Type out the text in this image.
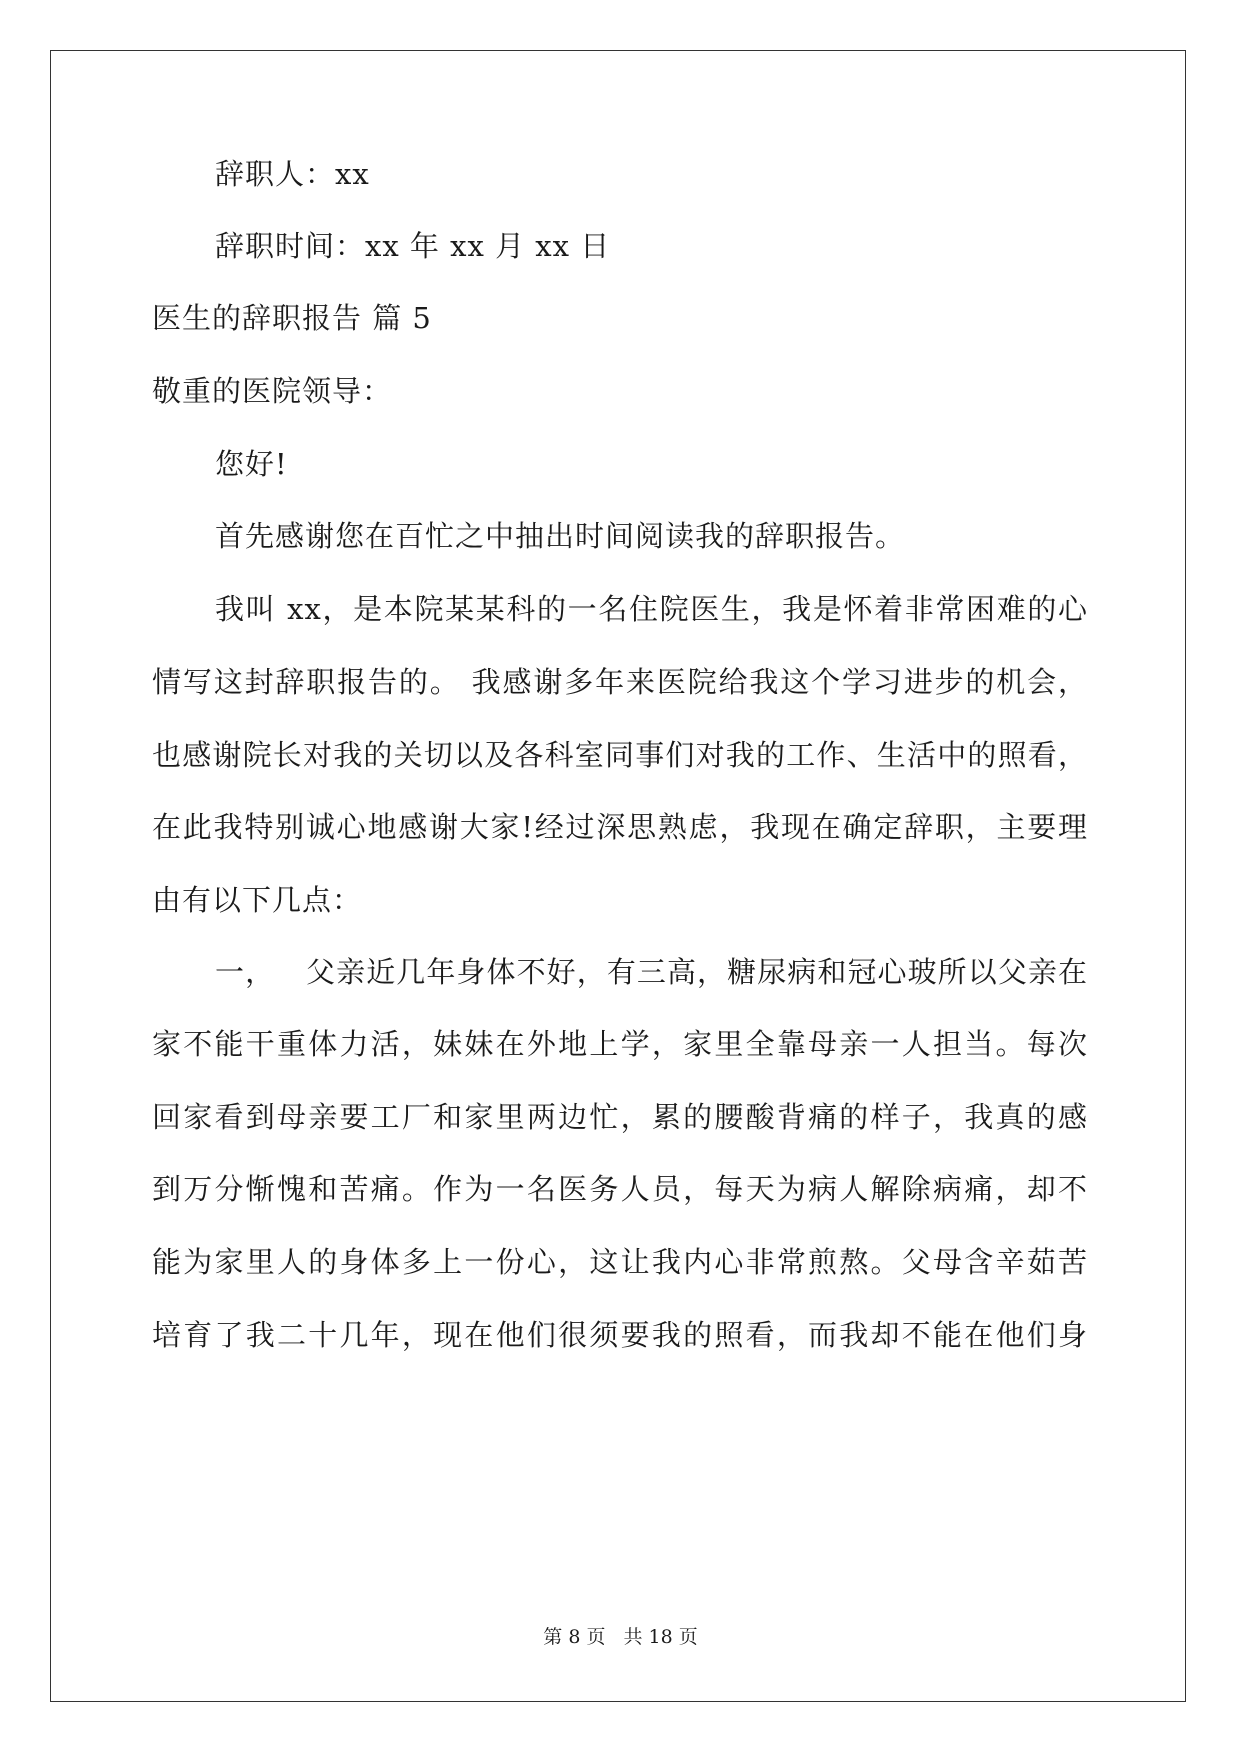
辞职人：xx
辞职时间：xx 年 xx 月 xx 日
医生的辞职报告 篇 5
敬重的医院领导：
您好!
首先感谢您在百忙之中抽出时间阅读我的辞职报告。
我叫 xx，是本院某某科的一名住院医生，我是怀着非常困难的心
情写这封辞职报告的。 我感谢多年来医院给我这个学习进步的机会，
也感谢院长对我的关切以及各科室同事们对我的工作、生活中的照看，
在此我特别诚心地感谢大家!经过深思熟虑，我现在确定辞职，主要理
由有以下几点：
一，   父亲近几年身体不好，有三高，糖尿病和冠心玻所以父亲在
家不能干重体力活，妹妹在外地上学，家里全靠母亲一人担当。每次
回家看到母亲要工厂和家里两边忙，累的腰酸背痛的样子，我真的感
到万分惭愧和苦痛。作为一名医务人员，每天为病人解除病痛，却不
能为家里人的身体多上一份心，这让我内心非常煎熬。父母含辛茹苦
培育了我二十几年，现在他们很须要我的照看，而我却不能在他们身
第 8 页 共 18 页
